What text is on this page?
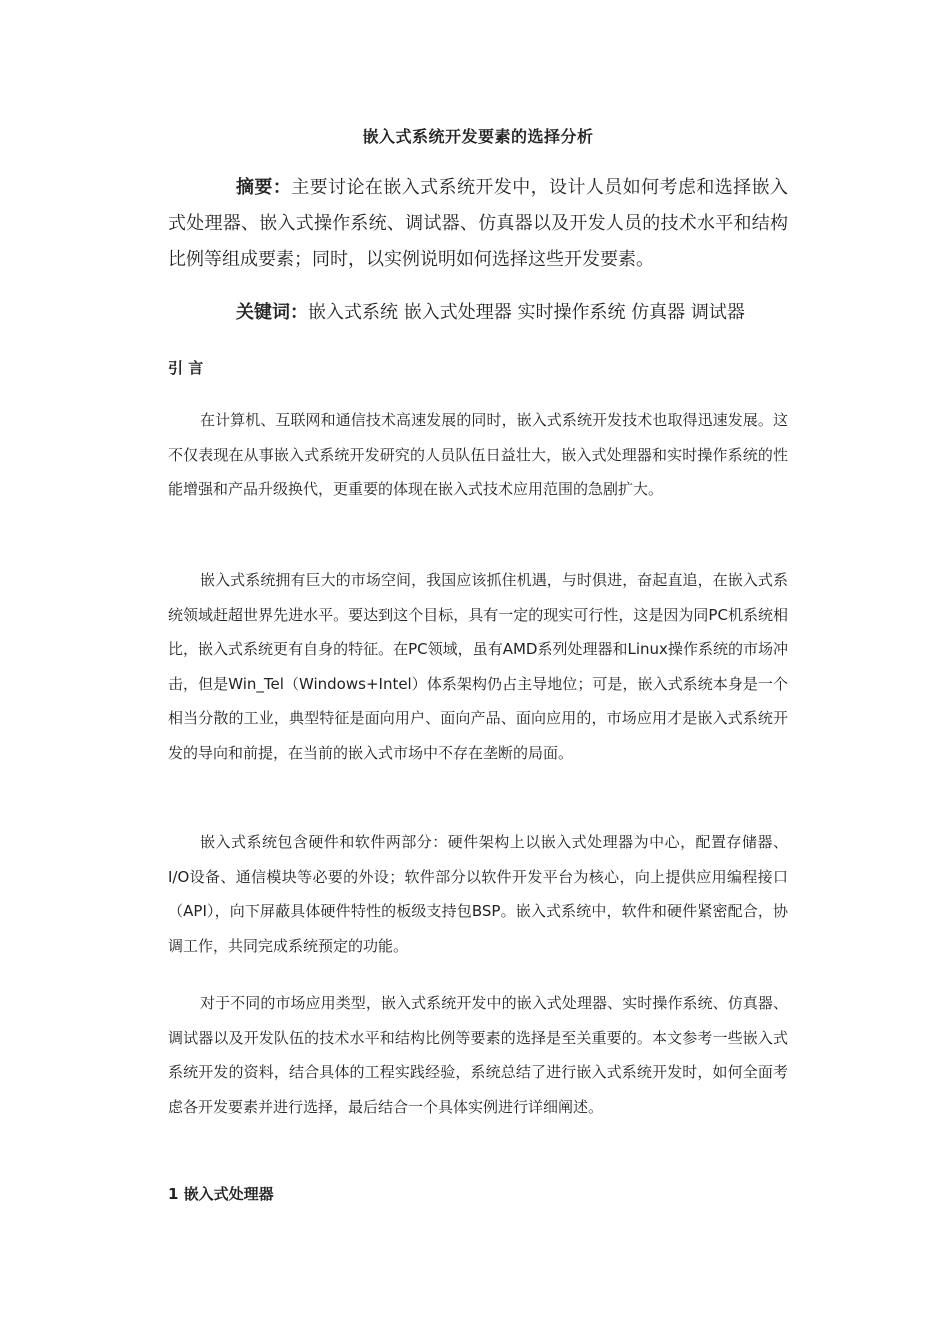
嵌入式系统开发要素的选择分析

摘要：主要讨论在嵌入式系统开发中，设计人员如何考虑和选择嵌入式处理器、嵌入式操作系统、调试器、仿真器以及开发人员的技术水平和结构比例等组成要素；同时，以实例说明如何选择这些开发要素。

关键词：嵌入式系统 嵌入式处理器 实时操作系统 仿真器 调试器

引 言

在计算机、互联网和通信技术高速发展的同时，嵌入式系统开发技术也取得迅速发展。这不仅表现在从事嵌入式系统开发研究的人员队伍日益壮大，嵌入式处理器和实时操作系统的性能增强和产品升级换代，更重要的体现在嵌入式技术应用范围的急剧扩大。

嵌入式系统拥有巨大的市场空间，我国应该抓住机遇，与时俱进，奋起直追，在嵌入式系统领域赶超世界先进水平。要达到这个目标，具有一定的现实可行性，这是因为同PC机系统相比，嵌入式系统更有自身的特征。在PC领域，虽有AMD系列处理器和Linux操作系统的市场冲击，但是Win_Tel（Windows+Intel）体系架构仍占主导地位；可是，嵌入式系统本身是一个相当分散的工业，典型特征是面向用户、面向产品、面向应用的，市场应用才是嵌入式系统开发的导向和前提，在当前的嵌入式市场中不存在垄断的局面。

嵌入式系统包含硬件和软件两部分：硬件架构上以嵌入式处理器为中心，配置存储器、I/O设备、通信模块等必要的外设；软件部分以软件开发平台为核心，向上提供应用编程接口（API），向下屏蔽具体硬件特性的板级支持包BSP。嵌入式系统中，软件和硬件紧密配合，协调工作，共同完成系统预定的功能。

对于不同的市场应用类型，嵌入式系统开发中的嵌入式处理器、实时操作系统、仿真器、调试器以及开发队伍的技术水平和结构比例等要素的选择是至关重要的。本文参考一些嵌入式系统开发的资料，结合具体的工程实践经验，系统总结了进行嵌入式系统开发时，如何全面考虑各开发要素并进行选择，最后结合一个具体实例进行详细阐述。

1 嵌入式处理器
